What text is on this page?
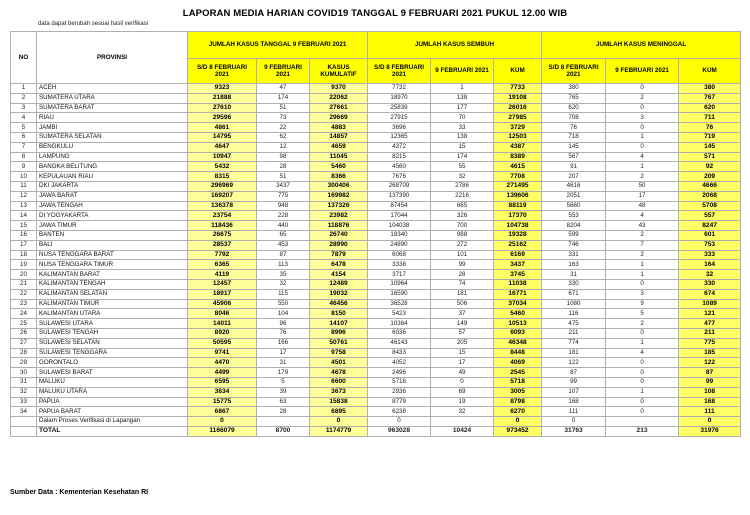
LAPORAN MEDIA HARIAN COVID19 TANGGAL 9 FEBRUARI 2021 PUKUL 12.00 WIB
data dapat berubah sesuai hasil verifikasi
NO	PROVINSI	JUMLAH KASUS TANGGAL 9 FEBRUARI 2021			JUMLAH KASUS SEMBUH			JUMLAH KASUS MENINGGAL		
		S/D 8 FEBRUARI 2021	9 FEBRUARI 2021	KASUS KUMULATIF	S/D 8 FEBRUARI 2021	9 FEBRUARI 2021	KUM	S/D 8 FEBRUARI 2021	9 FEBRUARI 2021	KUM
1	ACEH	9323	47	9370	7732	1	7733	380	0	380
2	SUMATERA UTARA	21888	174	22062	18970	138	19108	765	2	767
3	SUMATERA BARAT	27610	51	27661	25839	177	26016	620	0	620
4	RIAU	29596	73	29669	27915	70	27985	708	3	711
5	JAMBI	4861	22	4883	3696	33	3729	76	0	76
6	SUMATERA SELATAN	14795	62	14857	12365	138	12503	718	1	719
7	BENGKULU	4647	12	4659	4372	15	4387	145	0	145
8	LAMPUNG	10947	98	11045	8215	174	8389	567	4	571
9	BANGKA BELITUNG	5432	28	5460	4560	55	4615	91	1	92
10	KEPULAUAN RIAU	8315	51	8366	7676	32	7708	207	2	209
11	DKI JAKARTA	296969	3437	300406	268709	2786	271495	4616	50	4666
12	JAWA BARAT	169207	775	169982	137390	2216	139606	2051	17	2068
13	JAWA TENGAH	136378	948	137326	87454	665	88119	5660	48	5708
14	DI YOGYAKARTA	23754	228	23982	17044	326	17370	553	4	557
15	JAWA TIMUR	118436	440	118876	104038	700	104738	8204	43	8247
16	BANTEN	26675	65	26740	18340	988	19328	599	2	601
17	BALI	28537	453	28990	24890	272	25162	746	7	753
18	NUSA TENGGARA BARAT	7792	87	7879	6068	101	6169	331	2	333
19	NUSA TENGGARA TIMUR	6365	113	6478	3338	99	3437	163	1	164
20	KALIMANTAN BARAT	4119	35	4154	3717	28	3745	31	1	32
21	KALIMANTAN TENGAH	12457	32	12489	10964	74	11038	330	0	330
22	KALIMANTAN SELATAN	18917	115	19032	16590	181	16771	671	3	674
23	KALIMANTAN TIMUR	45906	550	46456	36528	506	37034	1080	9	1089
24	KALIMANTAN UTARA	8046	104	8150	5423	37	5460	116	5	121
25	SULAWESI UTARA	14011	96	14107	10364	149	10513	475	2	477
26	SULAWESI TENGAH	8920	76	8996	6036	57	6093	211	0	211
27	SULAWESI SELATAN	50595	166	50761	46143	205	46348	774	1	775
28	SULAWESI TENGGARA	9741	17	9758	8433	15	8448	181	4	185
29	GORONTALO	4470	31	4501	4052	17	4069	122	0	122
30	SULAWESI BARAT	4499	179	4678	2496	49	2545	87	0	87
31	MALUKU	6595	5	6600	5718	0	5718	99	0	99
32	MALUKU UTARA	3634	39	3673	2936	69	3005	107	1	108
33	PAPUA	15775	63	15838	8779	19	8798	168	0	168
34	PAPUA BARAT	6867	28	6895	6238	32	6270	111	0	111
	Dalam Proses Verifikasi di Lapangan	0		0	0		0	0		0
	TOTAL	1166079	8700	1174779	963028	10424	973452	31763	213	31976
Sumber Data : Kementerian Kesehatan RI
